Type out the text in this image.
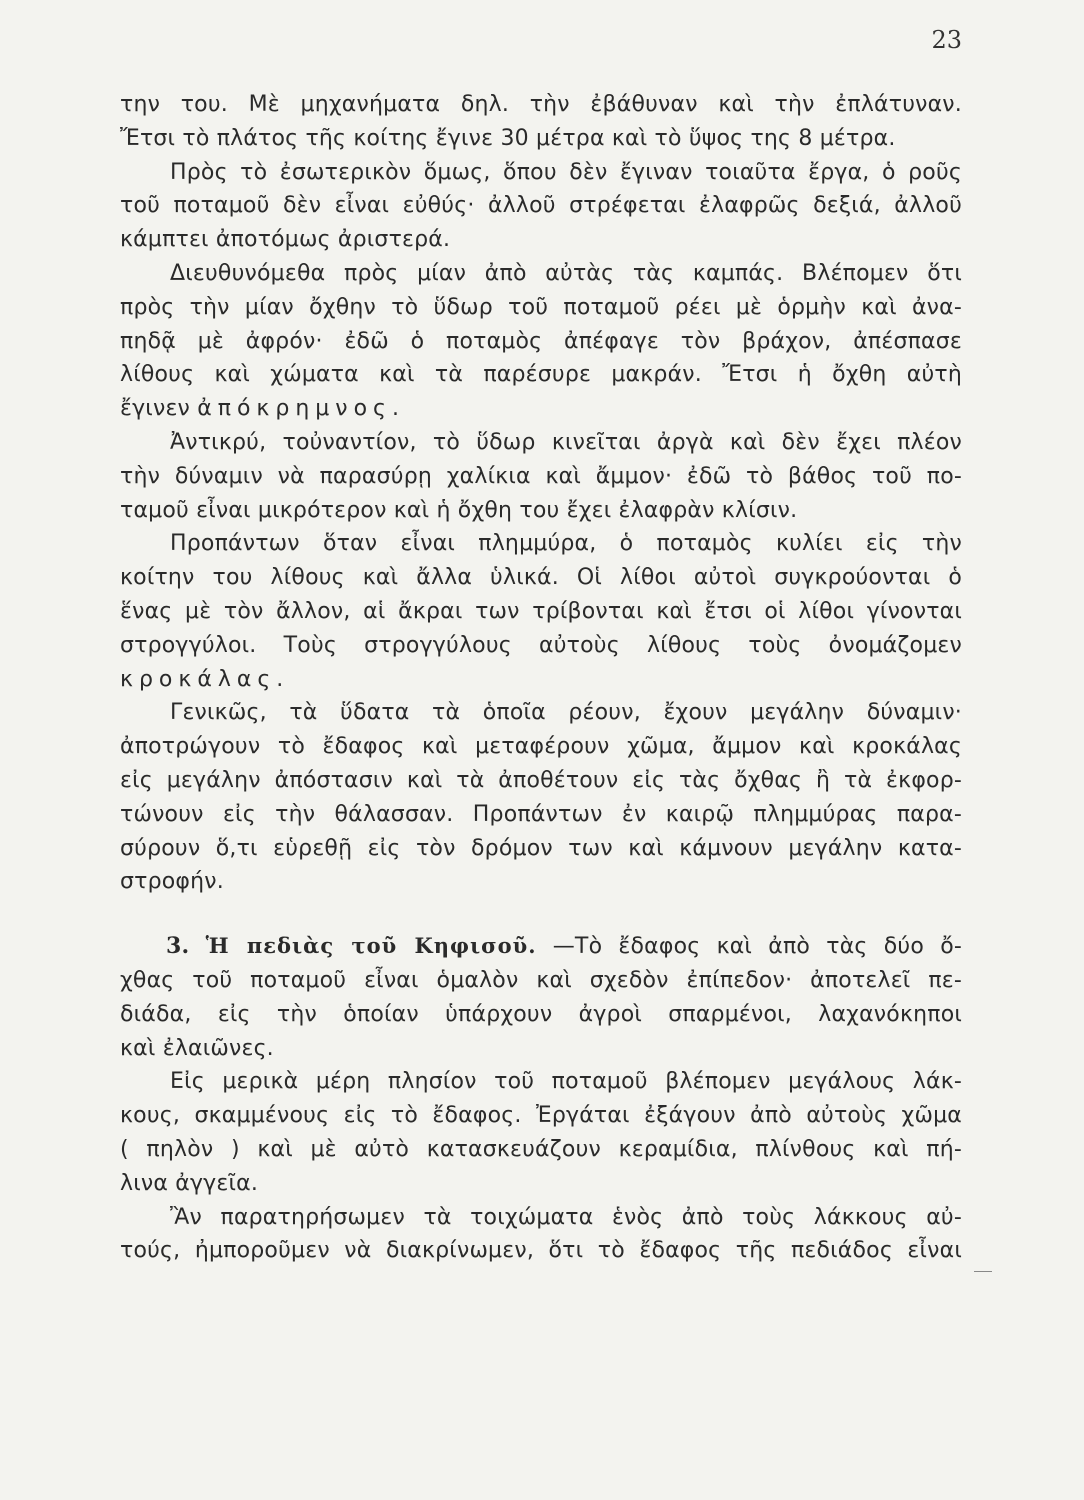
23
την του. Μὲ μηχανήματα δηλ. τὴν ἐβάθυναν καὶ τὴν ἐπλάτυναν.
Ἔτσι τὸ πλάτος τῆς κοίτης ἔγινε 30 μέτρα καὶ τὸ ὕψος της 8 μέτρα.
Πρὸς τὸ ἐσωτερικὸν ὅμως, ὅπου δὲν ἔγιναν τοιαῦτα ἔργα, ὁ ροῦς
τοῦ ποταμοῦ δὲν εἶναι εὐθύς· ἀλλοῦ στρέφεται ἐλαφρῶς δεξιά, ἀλλοῦ
κάμπτει ἀποτόμως ἀριστερά.
Διευθυνόμεθα πρὸς μίαν ἀπὸ αὐτὰς τὰς καμπάς. Βλέπομεν ὅτι
πρὸς τὴν μίαν ὄχθην τὸ ὕδωρ τοῦ ποταμοῦ ρέει μὲ ὁρμὴν καὶ ἀνα-
πηδᾷ μὲ ἀφρόν· ἐδῶ ὁ ποταμὸς ἀπέφαγε τὸν βράχον, ἀπέσπασε
λίθους καὶ χώματα καὶ τὰ παρέσυρε μακράν. Ἔτσι ἡ ὄχθη αὐτὴ
ἔγινεν ἀπόκρημνος.
Ἀντικρύ, τοὐναντίον, τὸ ὕδωρ κινεῖται ἀργὰ καὶ δὲν ἔχει πλέον
τὴν δύναμιν νὰ παρασύρῃ χαλίκια καὶ ἄμμον· ἐδῶ τὸ βάθος τοῦ πο-
ταμοῦ εἶναι μικρότερον καὶ ἡ ὄχθη του ἔχει ἐλαφρὰν κλίσιν.
Προπάντων ὅταν εἶναι πλημμύρα, ὁ ποταμὸς κυλίει εἰς τὴν
κοίτην του λίθους καὶ ἄλλα ὑλικά. Οἱ λίθοι αὐτοὶ συγκρούονται ὁ
ἕνας μὲ τὸν ἄλλον, αἱ ἄκραι των τρίβονται καὶ ἔτσι οἱ λίθοι γίνονται
στρογγύλοι. Τοὺς στρογγύλους αὐτοὺς λίθους τοὺς ὀνομάζομεν
κροκάλας.
Γενικῶς, τὰ ὕδατα τὰ ὁποῖα ρέουν, ἔχουν μεγάλην δύναμιν·
ἀποτρώγουν τὸ ἔδαφος καὶ μεταφέρουν χῶμα, ἄμμον καὶ κροκάλας
εἰς μεγάλην ἀπόστασιν καὶ τὰ ἀποθέτουν εἰς τὰς ὄχθας ἢ τὰ ἐκφορ-
τώνουν εἰς τὴν θάλασσαν. Προπάντων ἐν καιρῷ πλημμύρας παρα-
σύρουν ὅ,τι εὑρεθῇ εἰς τὸν δρόμον των καὶ κάμνουν μεγάλην κατα-
στροφήν.
3. Ἡ πεδιὰς τοῦ Κηφισοῦ. —Τὸ ἔδαφος καὶ ἀπὸ τὰς δύο ὄ-
χθας τοῦ ποταμοῦ εἶναι ὁμαλὸν καὶ σχεδὸν ἐπίπεδον· ἀποτελεῖ πε-
διάδα, εἰς τὴν ὁποίαν ὑπάρχουν ἀγροὶ σπαρμένοι, λαχανόκηποι
καὶ ἐλαιῶνες.
Εἰς μερικὰ μέρη πλησίον τοῦ ποταμοῦ βλέπομεν μεγάλους λάκ-
κους, σκαμμένους εἰς τὸ ἔδαφος. Ἐργάται ἐξάγουν ἀπὸ αὐτοὺς χῶμα
( πηλὸν ) καὶ μὲ αὐτὸ κατασκευάζουν κεραμίδια, πλίνθους καὶ πή-
λινα ἀγγεῖα.
Ἂν παρατηρήσωμεν τὰ τοιχώματα ἑνὸς ἀπὸ τοὺς λάκκους αὐ-
τούς, ἠμποροῦμεν νὰ διακρίνωμεν, ὅτι τὸ ἔδαφος τῆς πεδιάδος εἶναι
